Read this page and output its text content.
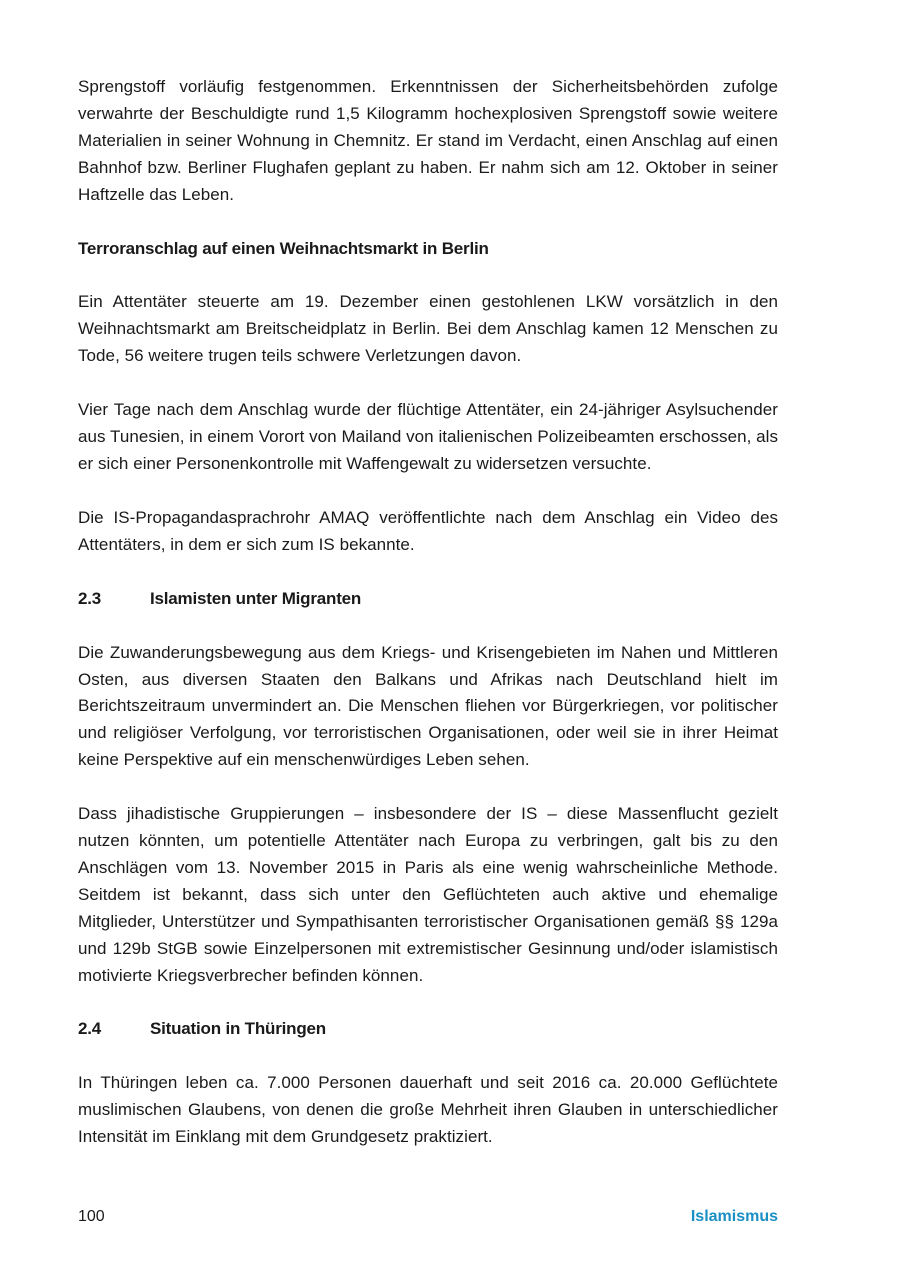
Sprengstoff vorläufig festgenommen. Erkenntnissen der Sicherheitsbehörden zufolge verwahrte der Beschuldigte rund 1,5 Kilogramm hochexplosiven Sprengstoff sowie weitere Materialien in seiner Wohnung in Chemnitz. Er stand im Verdacht, einen Anschlag auf einen Bahnhof bzw. Berliner Flughafen geplant zu haben. Er nahm sich am 12. Oktober in seiner Haftzelle das Leben.

Terroranschlag auf einen Weihnachtsmarkt in Berlin

Ein Attentäter steuerte am 19. Dezember einen gestohlenen LKW vorsätzlich in den Weihnachtsmarkt am Breitscheidplatz in Berlin. Bei dem Anschlag kamen 12 Menschen zu Tode, 56 weitere trugen teils schwere Verletzungen davon.

Vier Tage nach dem Anschlag wurde der flüchtige Attentäter, ein 24-jähriger Asylsuchender aus Tunesien, in einem Vorort von Mailand von italienischen Polizeibeamten erschossen, als er sich einer Personenkontrolle mit Waffengewalt zu widersetzen versuchte.

Die IS-Propagandasprachrohr AMAQ veröffentlichte nach dem Anschlag ein Video des Attentäters, in dem er sich zum IS bekannte.

2.3	Islamisten unter Migranten

Die Zuwanderungsbewegung aus dem Kriegs- und Krisengebieten im Nahen und Mittleren Osten, aus diversen Staaten den Balkans und Afrikas nach Deutschland hielt im Berichtszeitraum unvermindert an. Die Menschen fliehen vor Bürgerkriegen, vor politischer und religiöser Verfolgung, vor terroristischen Organisationen, oder weil sie in ihrer Heimat keine Perspektive auf ein menschenwürdiges Leben sehen.

Dass jihadistische Gruppierungen – insbesondere der IS – diese Massenflucht gezielt nutzen könnten, um potentielle Attentäter nach Europa zu verbringen, galt bis zu den Anschlägen vom 13. November 2015 in Paris als eine wenig wahrscheinliche Methode. Seitdem ist bekannt, dass sich unter den Geflüchteten auch aktive und ehemalige Mitglieder, Unterstützer und Sympathisanten terroristischer Organisationen gemäß §§ 129a und 129b StGB sowie Einzelpersonen mit extremistischer Gesinnung und/oder islamistisch motivierte Kriegsverbrecher befinden können.

2.4	Situation in Thüringen

In Thüringen leben ca. 7.000 Personen dauerhaft und seit 2016 ca. 20.000 Geflüchtete muslimischen Glaubens, von denen die große Mehrheit ihren Glauben in unterschiedlicher Intensität im Einklang mit dem Grundgesetz praktiziert.

100	Islamismus
